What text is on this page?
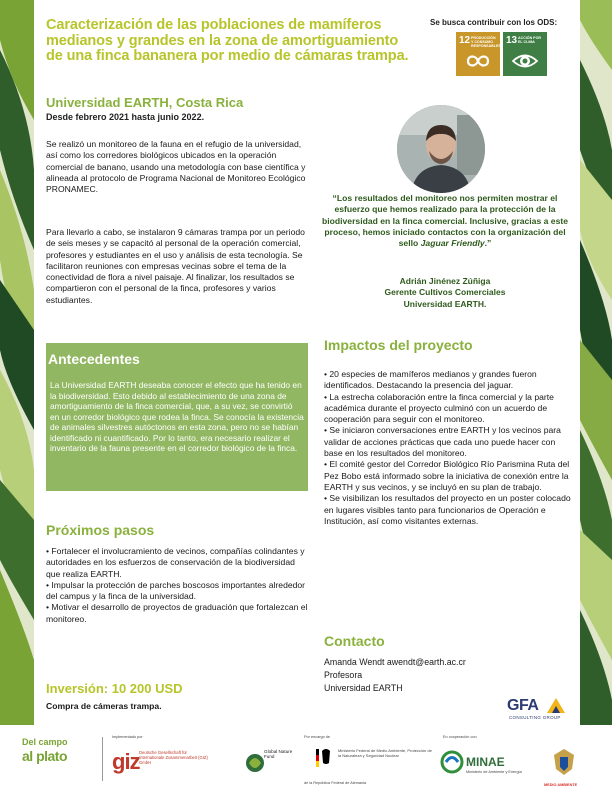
Caracterización de las poblaciones de mamíferos
medianos y grandes en la zona de amortiguamiento
de una finca bananera por medio de cámaras trampa.
Se busca contribuir con los ODS:
12 PRODUCCIÓN Y CONSUMO RESPONSABLES 13 ACCIÓN POR EL CLIMA
Universidad EARTH, Costa Rica
Desde febrero 2021 hasta junio 2022.

Se realizó un monitoreo de la fauna en el refugio de la universidad, así como los corredores biológicos ubicados en la operación comercial de banano, usando una metodología con base científica y alineada al protocolo de Programa Nacional de Monitoreo Ecológico PRONAMEC.

Para llevarlo a cabo, se instalaron 9 cámaras trampa por un periodo de seis meses y se capacitó al personal de la operación comercial, profesores y estudiantes en el uso y análisis de esta tecnología. Se facilitaron reuniones con empresas vecinas sobre el tema de la conectividad de flora a nivel paisaje. Al finalizar, los resultados se compartieron con el personal de la finca, profesores y varios estudiantes.

“Los resultados del monitoreo nos permiten mostrar el esfuerzo que hemos realizado para la protección de la biodiversidad en la finca comercial. Inclusive, gracias a este proceso, hemos iniciado contactos con la organización del sello Jaguar Friendly.”

Adrián Jinénez Zúñiga
Gerente Cultivos Comerciales
Universidad EARTH.
Antecedentes

La Universidad EARTH deseaba conocer el efecto que ha tenido en la biodiversidad. Esto debido al establecimiento de una zona de amortiguamiento de la finca comercial, que, a su vez, se convirtió en un corredor biológico que rodea la finca. Se conocía la existencia de animales silvestres autóctonos en esta zona, pero no se habían identificado ni cuantificado. Por lo tanto, era necesario realizar el inventario de la fauna presente en el corredor biológico de la finca.

Impactos del proyecto
• 20 especies de mamíferos medianos y grandes fueron identificados. Destacando la presencia del jaguar.
• La estrecha colaboración entre la finca comercial y la parte académica durante el proyecto culminó con un acuerdo de cooperación para seguir con el monitoreo.
• Se iniciaron conversaciones entre EARTH y los vecinos para validar de acciones prácticas que cada uno puede hacer con base en los resultados del monitoreo.
• El comité gestor del Corredor Biológico Río Parismina Ruta del Pez Bobo está informado sobre la iniciativa de conexión entre la EARTH y sus vecinos, y se incluyó en su plan de trabajo.
• Se visibilizan los resultados del proyecto en un poster colocado en lugares visibles tanto para funcionarios de Operación e Institución, así como visitantes externas.
Próximos pasos
• Fortalecer el involucramiento de vecinos, compañías colindantes y autoridades en los esfuerzos de conservación de la biodiversidad que realiza EARTH.
• Impulsar la protección de parches boscosos importantes alrededor del campus y la finca de la universidad.
• Motivar el desarrollo de proyectos de graduación que fortalezcan el monitoreo.
Contacto
Amanda Wendt awendt@earth.ac.cr
Profesora
Universidad EARTH
Inversión: 10 200 USD
Compra de cámeras trampa.	GFA
CONSULTING GROUP
Del campo
al plato
Implementado por
giz Deutsche Gesellschaft für Internationale Zusammenarbeit (GIZ) GmbH
Global Nature Fund
Por encargo de
Ministerio Federal de Medio Ambiente, Protección de la Naturaleza y Seguridad Nuclear
de la República Federal de Alemania
En cooperación con
MINAE
Ministerio de Ambiente y Energía
MEDIO AMBIENTE
